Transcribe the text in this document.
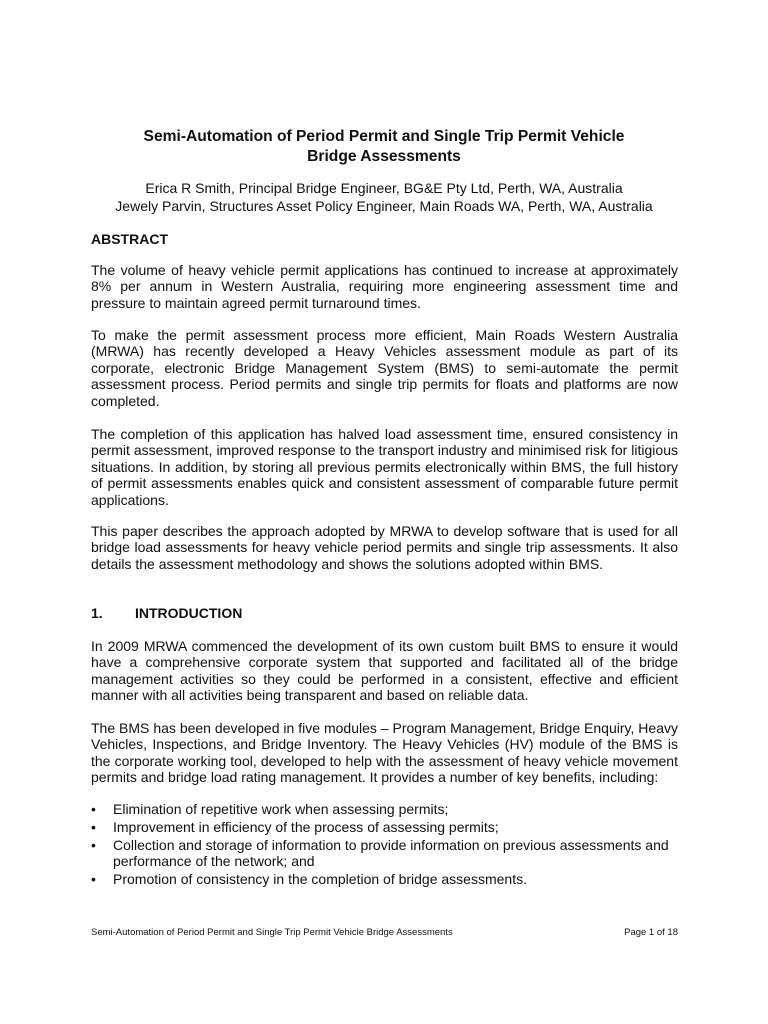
Semi-Automation of Period Permit and Single Trip Permit Vehicle
Bridge Assessments
Erica R Smith, Principal Bridge Engineer, BG&E Pty Ltd, Perth, WA, Australia
Jewely Parvin, Structures Asset Policy Engineer, Main Roads WA, Perth, WA, Australia
ABSTRACT

The volume of heavy vehicle permit applications has continued to increase at approximately 8% per annum in Western Australia, requiring more engineering assessment time and pressure to maintain agreed permit turnaround times.

To make the permit assessment process more efficient, Main Roads Western Australia (MRWA) has recently developed a Heavy Vehicles assessment module as part of its corporate, electronic Bridge Management System (BMS) to semi-automate the permit assessment process. Period permits and single trip permits for floats and platforms are now completed.

The completion of this application has halved load assessment time, ensured consistency in permit assessment, improved response to the transport industry and minimised risk for litigious situations. In addition, by storing all previous permits electronically within BMS, the full history of permit assessments enables quick and consistent assessment of comparable future permit applications.

This paper describes the approach adopted by MRWA to develop software that is used for all bridge load assessments for heavy vehicle period permits and single trip assessments. It also details the assessment methodology and shows the solutions adopted within BMS.

1. INTRODUCTION

In 2009 MRWA commenced the development of its own custom built BMS to ensure it would have a comprehensive corporate system that supported and facilitated all of the bridge management activities so they could be performed in a consistent, effective and efficient manner with all activities being transparent and based on reliable data.

The BMS has been developed in five modules – Program Management, Bridge Enquiry, Heavy Vehicles, Inspections, and Bridge Inventory. The Heavy Vehicles (HV) module of the BMS is the corporate working tool, developed to help with the assessment of heavy vehicle movement permits and bridge load rating management. It provides a number of key benefits, including:

• Elimination of repetitive work when assessing permits;
• Improvement in efficiency of the process of assessing permits;
• Collection and storage of information to provide information on previous assessments and performance of the network; and
• Promotion of consistency in the completion of bridge assessments.
Semi-Automation of Period Permit and Single Trip Permit Vehicle Bridge Assessments	Page 1 of 18
